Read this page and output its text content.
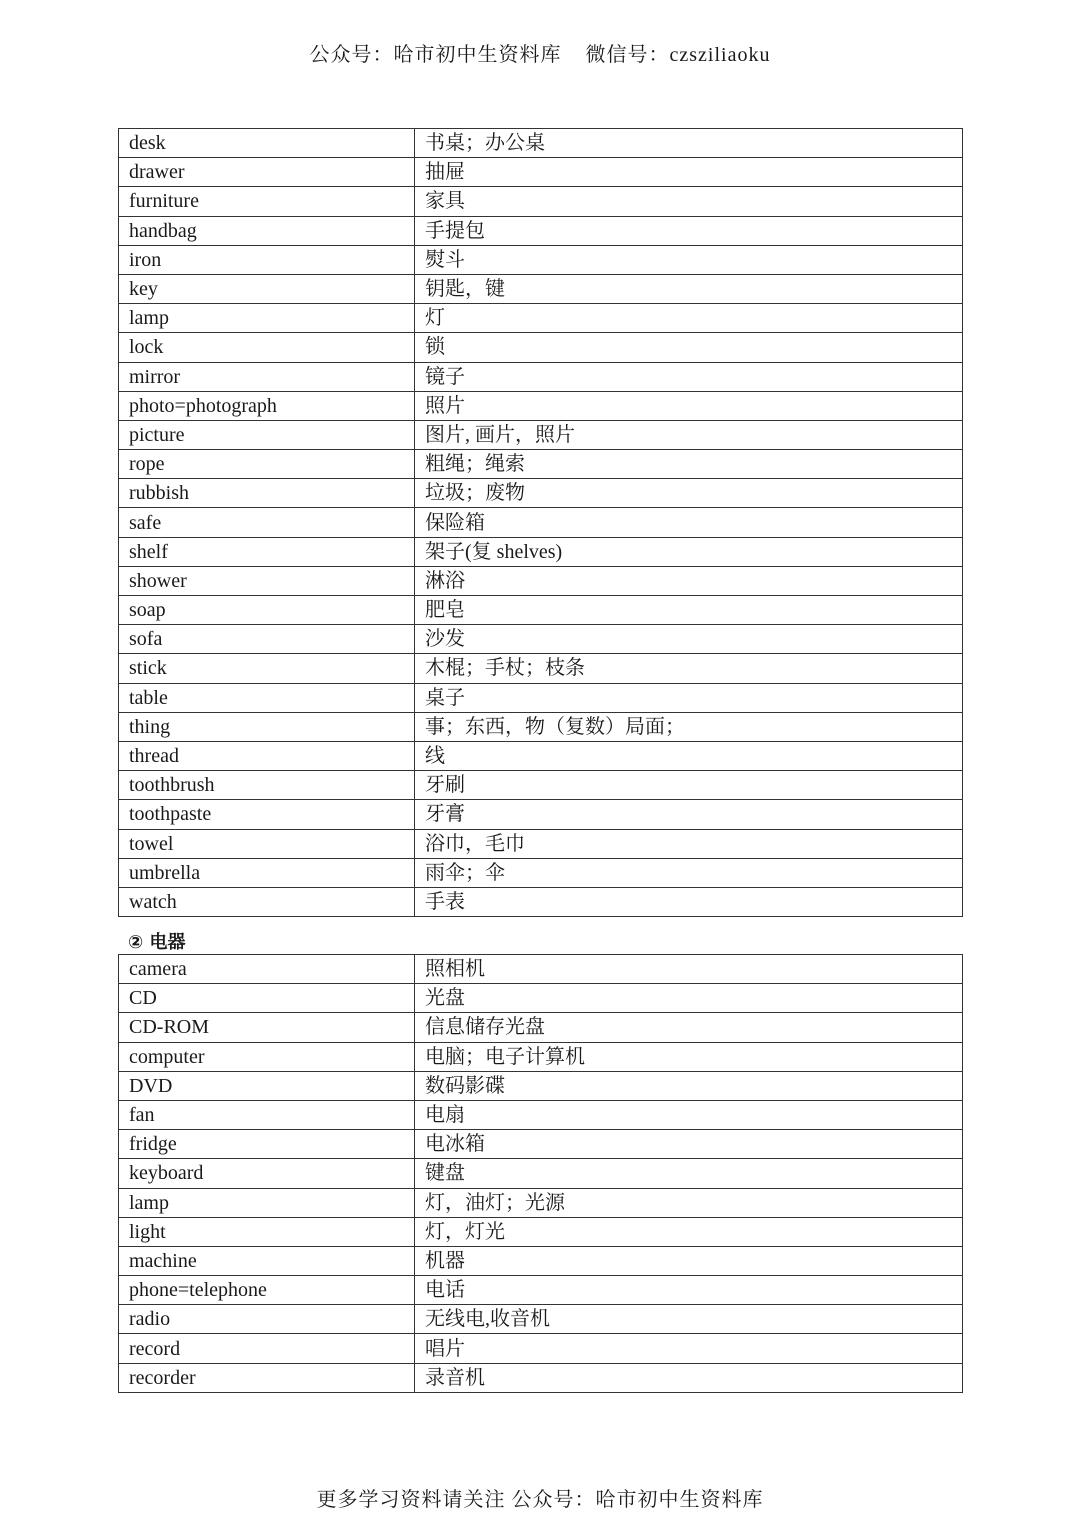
公众号：哈市初中生资料库    微信号：czsziliaoku
desk	书桌；办公桌
drawer	抽屉
furniture	家具
handbag	手提包
iron	熨斗
key	钥匙，键
lamp	灯
lock	锁
mirror	镜子
photo=photograph	照片
picture	图片, 画片，照片
rope	粗绳；绳索
rubbish	垃圾；废物
safe	保险箱
shelf	架子(复 shelves)
shower	淋浴
soap	肥皂
sofa	沙发
stick	木棍；手杖；枝条
table	桌子
thing	事；东西，物（复数）局面；
thread	线
toothbrush	牙刷
toothpaste	牙膏
towel	浴巾，毛巾
umbrella	雨伞；伞
watch	手表
② 电器
camera	照相机
CD	光盘
CD-ROM	信息储存光盘
computer	电脑；电子计算机
DVD	数码影碟
fan	电扇
fridge	电冰箱
keyboard	键盘
lamp	灯，油灯；光源
light	灯，灯光
machine	机器
phone=telephone	电话
radio	无线电,收音机
record	唱片
recorder	录音机
更多学习资料请关注 公众号：哈市初中生资料库
